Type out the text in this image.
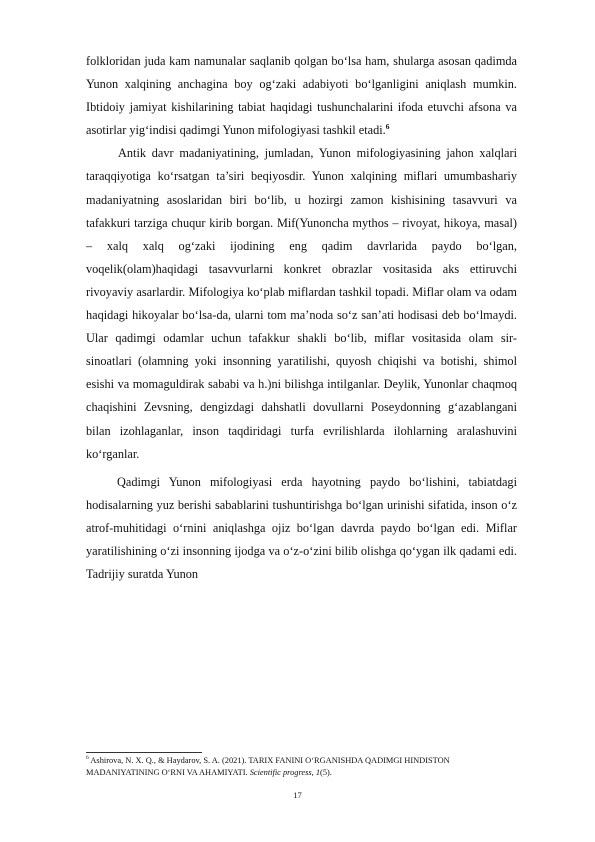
folkloridan juda kam namunalar saqlanib qolgan bo‘lsa ham, shularga asosan qadimda Yunon xalqining anchagina boy og‘zaki adabiyoti bo‘lganligini aniqlash mumkin. Ibtidoiy jamiyat kishilarining tabiat haqidagi tushunchalarini ifoda etuvchi afsona va asotirlar yig‘indisi qadimgi Yunon mifologiyasi tashkil etadi.$^6$

Antik davr madaniyatining, jumladan, Yunon mifologiyasining jahon xalqlari taraqqiyotiga ko‘rsatgan ta’siri beqiyosdir. Yunon xalqining miflari umumbashariy madaniyatning asoslaridan biri bo‘lib, u hozirgi zamon kishisining tasavvuri va tafakkuri tarziga chuqur kirib borgan. Mif(Yunoncha mythos – rivoyat, hikoya, masal) – xalq xalq og‘zaki ijodining eng qadim davrlarida paydo bo‘lgan, voqelik(olam)haqidagi tasavvurlarni konkret obrazlar vositasida aks ettiruvchi rivoyaviy asarlardir. Mifologiya ko‘plab miflardan tashkil topadi. Miflar olam va odam haqidagi hikoyalar bo‘lsa-da, ularni tom ma’noda so‘z san’ati hodisasi deb bo‘lmaydi. Ular qadimgi odamlar uchun tafakkur shakli bo‘lib, miflar vositasida olam sir-sinoatlari (olamning yoki insonning yaratilishi, quyosh chiqishi va botishi, shimol esishi va momaguldirak sababi va h.)ni bilishga intilganlar. Deylik, Yunonlar chaqmoq chaqishini Zevsning, dengizdagi dahshatli dovullarni Poseydonning g‘azablangani bilan izohlaganlar, inson taqdiridagi turfa evrilishlarda ilohlarning aralashuvini ko‘rganlar.

Qadimgi Yunon mifologiyasi erda hayotning paydo bo‘lishini, tabiatdagi hodisalarning yuz berishi sabablarini tushuntirishga bo‘lgan urinishi sifatida, inson o‘z atrof-muhitidagi o‘rnini aniqlashga ojiz bo‘lgan davrda paydo bo‘lgan edi. Miflar yaratilishining o‘zi insonning ijodga va o‘z-o‘zini bilib olishga qo‘ygan ilk qadami edi. Tadrijiy suratda Yunon

$^6$ Ashirova, N. X. Q., & Haydarov, S. A. (2021). TARIX FANINI O‘RGANISHDA QADIMGI HINDISTON MADANIYATINING O‘RNI VA AHAMIYATI. Scientific progress, 1(5).

17
